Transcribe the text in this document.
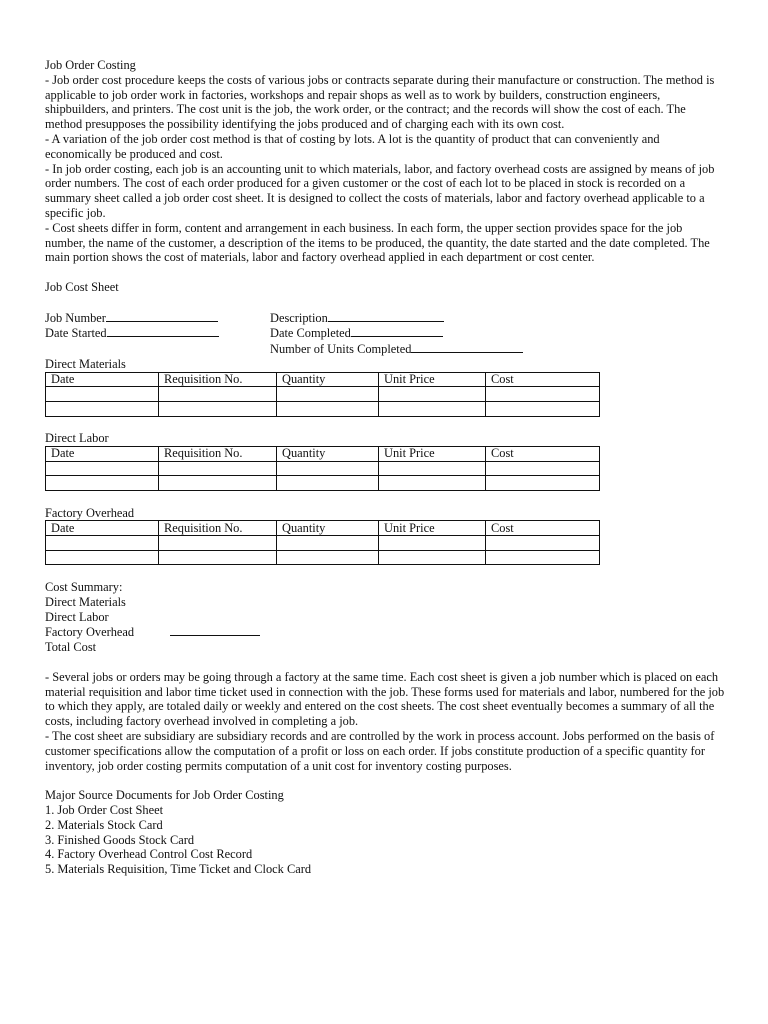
Job Order Costing

- Job order cost procedure keeps the costs of various jobs or contracts separate during their manufacture or construction. The method is applicable to job order work in factories, workshops and repair shops as well as to work by builders, construction engineers, shipbuilders, and printers. The cost unit is the job, the work order, or the contract; and the records will show the cost of each. The method presupposes the possibility identifying the jobs produced and of charging each with its own cost.

- A variation of the job order cost method is that of costing by lots. A lot is the quantity of product that can conveniently and economically be produced and cost.

- In job order costing, each job is an accounting unit to which materials, labor, and factory overhead costs are assigned by means of job order numbers. The cost of each order produced for a given customer or the cost of each lot to be placed in stock is recorded on a summary sheet called a job order cost sheet. It is designed to collect the costs of materials, labor and factory overhead applicable to a specific job.

- Cost sheets differ in form, content and arrangement in each business. In each form, the upper section provides space for the job number, the name of the customer, a description of the items to be produced, the quantity, the date started and the date completed. The main portion shows the cost of materials, labor and factory overhead applied in each department or cost center.

Job Cost Sheet

Job Number	Description
Date Started	Date Completed
Number of Units Completed

Direct Materials

Date	Requisition No.	Quantity	Unit Price	Cost

Direct Labor

Date	Requisition No.	Quantity	Unit Price	Cost

Factory Overhead

Date	Requisition No.	Quantity	Unit Price	Cost

Cost Summary:

Direct Materials

Direct Labor

Factory Overhead

Total Cost

- Several jobs or orders may be going through a factory at the same time. Each cost sheet is given a job number which is placed on each material requisition and labor time ticket used in connection with the job. These forms used for materials and labor, numbered for the job to which they apply, are totaled daily or weekly and entered on the cost sheets. The cost sheet eventually becomes a summary of all the costs, including factory overhead involved in completing a job.

- The cost sheet are subsidiary are subsidiary records and are controlled by the work in process account. Jobs performed on the basis of customer specifications allow the computation of a profit or loss on each order. If jobs constitute production of a specific quantity for inventory, job order costing permits computation of a unit cost for inventory costing purposes.

Major Source Documents for Job Order Costing

1. Job Order Cost Sheet

2. Materials Stock Card

3. Finished Goods Stock Card

4. Factory Overhead Control Cost Record

5. Materials Requisition, Time Ticket and Clock Card
